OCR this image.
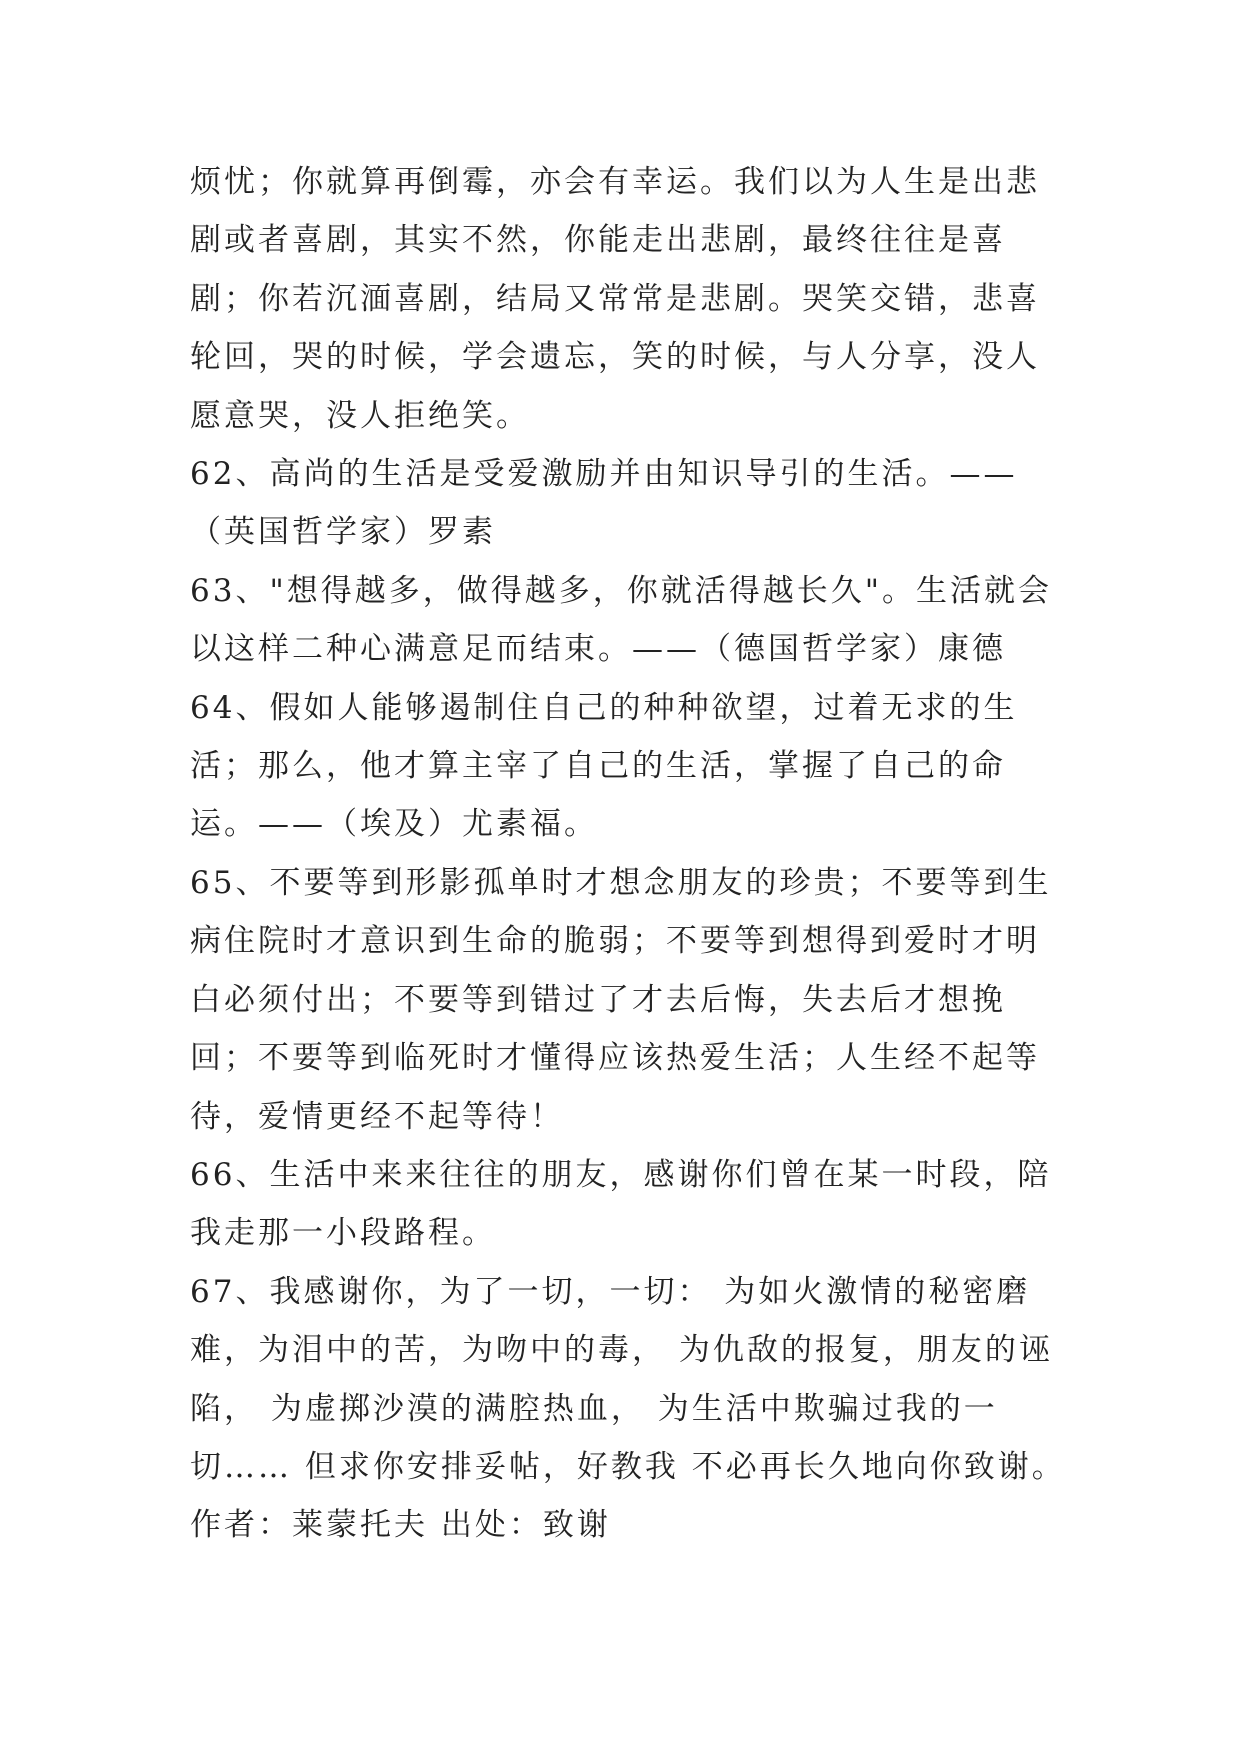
烦忧；你就算再倒霉，亦会有幸运。我们以为人生是出悲剧或者喜剧，其实不然，你能走出悲剧，最终往往是喜剧；你若沉湎喜剧，结局又常常是悲剧。哭笑交错，悲喜轮回，哭的时候，学会遗忘，笑的时候，与人分享，没人愿意哭，没人拒绝笑。

62、高尚的生活是受爱激励并由知识导引的生活。——（英国哲学家）罗素

63、"想得越多，做得越多，你就活得越长久"。生活就会以这样二种心满意足而结束。——（德国哲学家）康德

64、假如人能够遏制住自己的种种欲望，过着无求的生活；那么，他才算主宰了自己的生活，掌握了自己的命运。——（埃及）尤素福。

65、不要等到形影孤单时才想念朋友的珍贵；不要等到生病住院时才意识到生命的脆弱；不要等到想得到爱时才明白必须付出；不要等到错过了才去后悔，失去后才想挽回；不要等到临死时才懂得应该热爱生活；人生经不起等待，爱情更经不起等待！

66、生活中来来往往的朋友，感谢你们曾在某一时段，陪我走那一小段路程。

67、我感谢你，为了一切，一切： 为如火激情的秘密磨难，为泪中的苦，为吻中的毒， 为仇敌的报复，朋友的诬陷， 为虚掷沙漠的满腔热血， 为生活中欺骗过我的一切…… 但求你安排妥帖，好教我 不必再长久地向你致谢。作者：莱蒙托夫 出处：致谢
